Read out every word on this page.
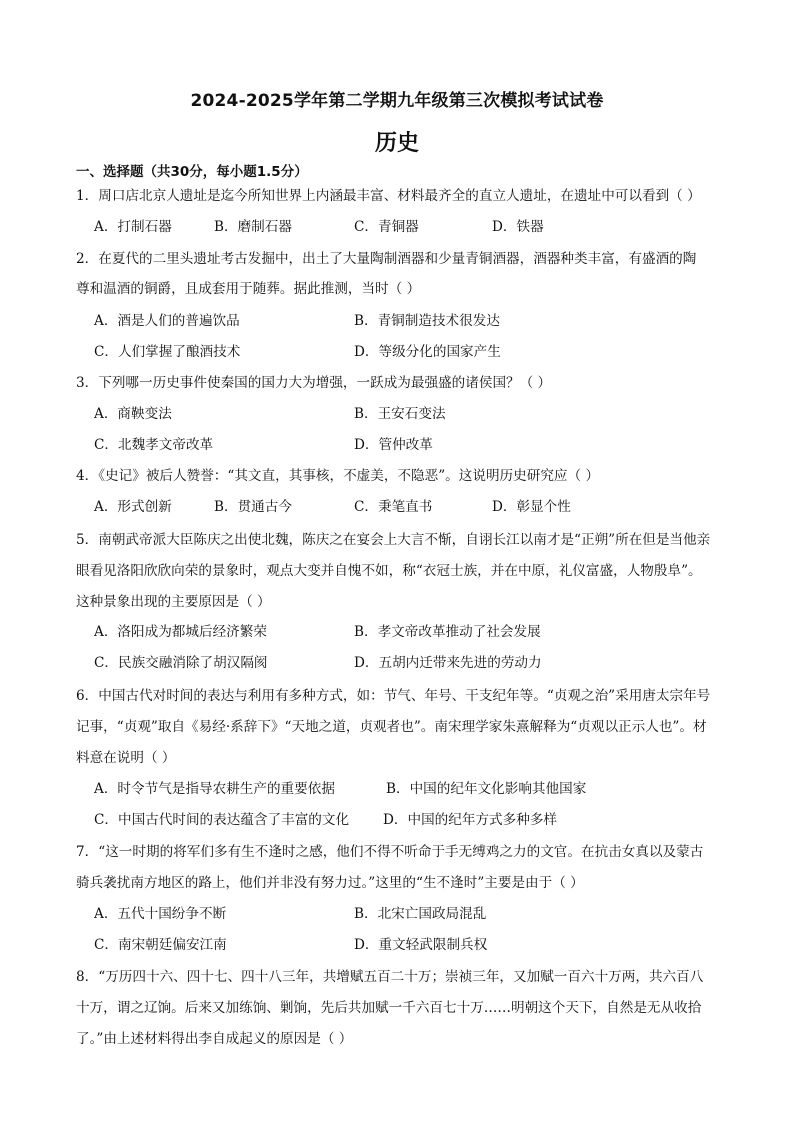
2024-2025学年第二学期九年级第三次模拟考试试卷
历史
一、选择题（共30分，每小题1.5分）
1．周口店北京人遗址是迄今所知世界上内涵最丰富、材料最齐全的直立人遗址，在遗址中可以看到（ ）
A．打制石器	B．磨制石器	C．青铜器	D．铁器
2．在夏代的二里头遗址考古发掘中，出土了大量陶制酒器和少量青铜酒器，酒器种类丰富，有盛酒的陶
尊和温酒的铜爵，且成套用于随葬。据此推测，当时（ ）
A．酒是人们的普遍饮品	B．青铜制造技术很发达
C．人们掌握了酿酒技术	D．等级分化的国家产生
3．下列哪一历史事件使秦国的国力大为增强，一跃成为最强盛的诸侯国？（ ）
A．商鞅变法	B．王安石变法
C．北魏孝文帝改革	D．管仲改革
4．《史记》被后人赞誉：“其文直，其事核，不虚美，不隐恶”。这说明历史研究应（ ）
A．形式创新	B．贯通古今	C．秉笔直书	D．彰显个性
5．南朝武帝派大臣陈庆之出使北魏，陈庆之在宴会上大言不惭，自诩长江以南才是“正朔”所在但是当他亲
眼看见洛阳欣欣向荣的景象时，观点大变并自愧不如，称“衣冠士族，并在中原，礼仪富盛，人物殷阜”。
这种景象出现的主要原因是（ ）
A．洛阳成为都城后经济繁荣	B．孝文帝改革推动了社会发展
C．民族交融消除了胡汉隔阂	D．五胡内迁带来先进的劳动力
6．中国古代对时间的表达与利用有多种方式，如：节气、年号、干支纪年等。“贞观之治”采用唐太宗年号
记事，“贞观”取自《易经·系辞下》“天地之道，贞观者也”。南宋理学家朱熹解释为“贞观以正示人也”。材
料意在说明（ ）
A．时令节气是指导农耕生产的重要依据	B．中国的纪年文化影响其他国家
C．中国古代时间的表达蕴含了丰富的文化 D．中国的纪年方式多种多样
7．“这一时期的将军们多有生不逢时之感，他们不得不听命于手无缚鸡之力的文官。在抗击女真以及蒙古
骑兵袭扰南方地区的路上，他们并非没有努力过。”这里的“生不逢时”主要是由于（ ）
A．五代十国纷争不断	B．北宋亡国政局混乱
C．南宋朝廷偏安江南	D．重文轻武限制兵权
8．“万历四十六、四十七、四十八三年，共增赋五百二十万；崇祯三年，又加赋一百六十万两，共六百八
十万，谓之辽饷。后来又加练饷、剿饷，先后共加赋一千六百七十万……明朝这个天下，自然是无从收拾
了。”由上述材料得出李自成起义的原因是（ ）
